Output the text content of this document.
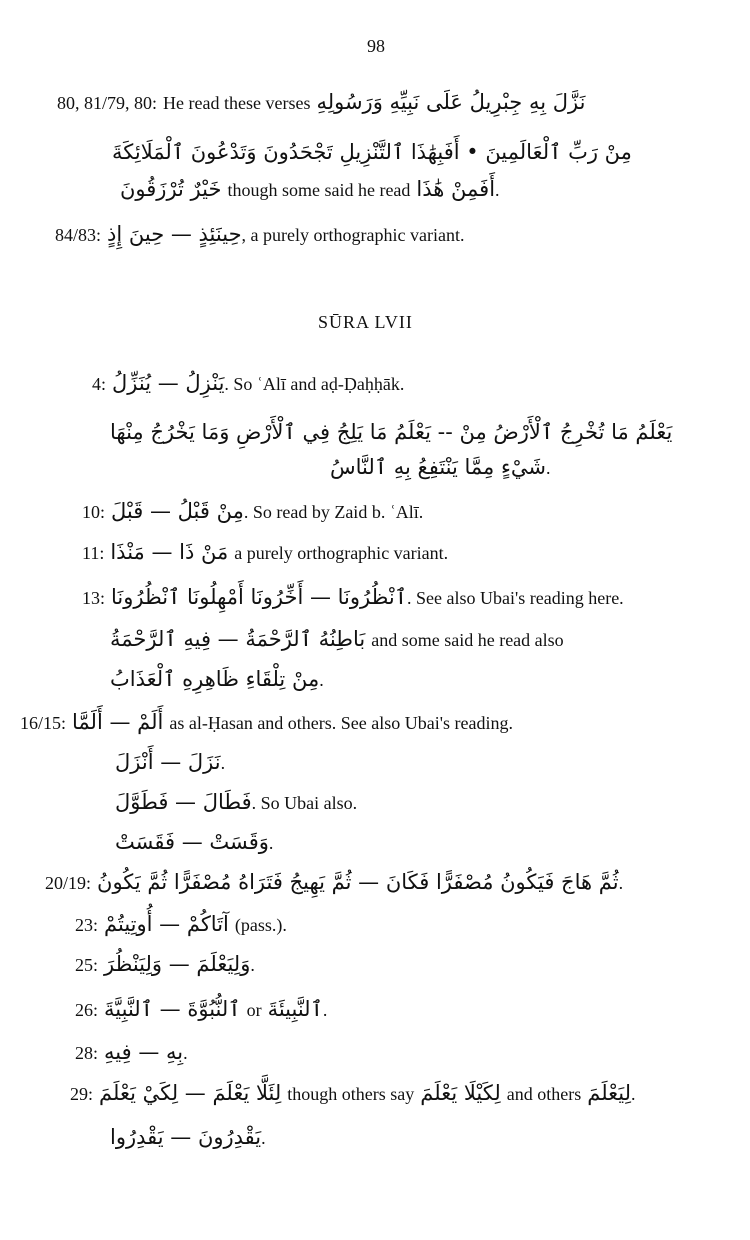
98
80, 81/79, 80: He read these verses نَزَّلَ بِهِ جِبْرِيلُ عَلَى نَبِيِّهِ وَرَسُولِهِ
مِنْ رَبِّ ٱلْعَالَمِينَ • أَفَبِهَٰذَا ٱلتَّنْزِيلِ تَجْحَدُونَ وَتَدْعُونَ ٱلْمَلَائِكَةَ
خَيْرٌ تُرْزَقُونَ though some said he read أَفَمِنْ هَٰذَا.
84/83: حِينَئِذٍ — حِينَ إِذٍ, a purely orthographic variant.
SŪRA LVII
4: يَنْزِلُ — يُنَزِّلُ. So ʿAlī and aḍ-Ḍaḥḥāk.
يَعْلَمُ مَا تُخْرِجُ ٱلْأَرْضُ مِنْ -- يَعْلَمُ مَا يَلِجُ فِي ٱلْأَرْضِ وَمَا يَخْرُجُ مِنْهَا
شَيْءٍ مِمَّا يَنْتَفِعُ بِهِ ٱلنَّاسُ.
10: مِنْ قَبْلُ — قَبْلَ. So read by Zaid b. ʿAlī.
11: مَنْ ذَا — مَنْذَا a purely orthographic variant.
13: ٱنْظُرُونَا — أَخِّرُونَا أَمْهِلُونَا ٱنْظُرُونَا. See also Ubai's reading here.
بَاطِنُهُ ٱلرَّحْمَةُ — فِيهِ ٱلرَّحْمَةُ and some said he read also
مِنْ تِلْقَاءِ ظَاهِرِهِ ٱلْعَذَابُ.
16/15: أَلَمْ — أَلَمَّا as al-Ḥasan and others. See also Ubai's reading.
نَزَلَ — أَنْزَلَ.
فَطَالَ — فَطَوَّلَ. So Ubai also.
وَقَسَتْ — فَقَسَتْ.
20/19: ثُمَّ هَاجَ فَيَكُونُ مُصْفَرًّا فَكَانَ — ثُمَّ يَهِيجُ فَتَرَاهُ مُصْفَرًّا ثُمَّ يَكُونُ.
23: آتَاكُمْ — أُوتِيتُمْ (pass.).
25: وَلِيَعْلَمَ — وَلِيَنْظُرَ.
26: ٱلنُّبُوَّةَ — ٱلنَّبِيَّةَ or ٱلنَّبِيئَةَ.
28: بِهِ — فِيهِ.
29: لِئَلَّا يَعْلَمَ — لِكَيْ يَعْلَمَ though others say لِكَيْلَا يَعْلَمَ and others لِيَعْلَمَ.
يَقْدِرُونَ — يَقْدِرُوا.
